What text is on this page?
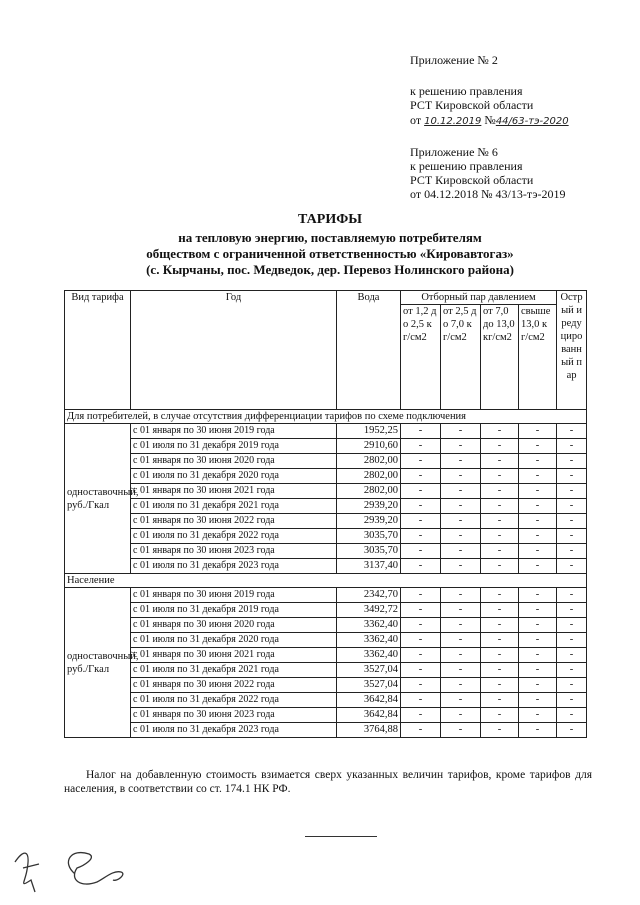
Приложение № 2
к решению правления
РСТ Кировской области
от 10.12.2019 №44/63-тэ-2020
Приложение № 6
к решению правления
РСТ Кировской области
от 04.12.2018 № 43/13-тэ-2019
ТАРИФЫ
на тепловую энергию, поставляемую потребителям
обществом с ограниченной ответственностью «Кировавтогаз»
(с. Кырчаны, пос. Медведок, дер. Перевоз Нолинского района)
Вид тарифа	Год	Вода	Отборный пар давлением				Острый и редуцированный пар
			от 1,2 до 2,5 кг/см2	от 2,5 до 7,0 кг/см2	от 7,0 до 13,0 кг/см2	свыше 13,0 кг/см2	
Для потребителей, в случае отсутствия дифференциации тарифов по схеме подключения							
одноставочный, руб./Гкал	с 01 января по 30 июня 2019 года	1952,25	-	-	-	-	-
	с 01 июля по 31 декабря 2019 года	2910,60	-	-	-	-	-
	с 01 января по 30 июня 2020 года	2802,00	-	-	-	-	-
	с 01 июля по 31 декабря 2020 года	2802,00	-	-	-	-	-
	с 01 января по 30 июня 2021 года	2802,00	-	-	-	-	-
	с 01 июля по 31 декабря 2021 года	2939,20	-	-	-	-	-
	с 01 января по 30 июня 2022 года	2939,20	-	-	-	-	-
	с 01 июля по 31 декабря 2022 года	3035,70	-	-	-	-	-
	с 01 января по 30 июня 2023 года	3035,70	-	-	-	-	-
	с 01 июля по 31 декабря 2023 года	3137,40	-	-	-	-	-
Население							
одноставочный, руб./Гкал	с 01 января по 30 июня 2019 года	2342,70	-	-	-	-	-
	с 01 июля по 31 декабря 2019 года	3492,72	-	-	-	-	-
	с 01 января по 30 июня 2020 года	3362,40	-	-	-	-	-
	с 01 июля по 31 декабря 2020 года	3362,40	-	-	-	-	-
	с 01 января по 30 июня 2021 года	3362,40	-	-	-	-	-
	с 01 июля по 31 декабря 2021 года	3527,04	-	-	-	-	-
	с 01 января по 30 июня 2022 года	3527,04	-	-	-	-	-
	с 01 июля по 31 декабря 2022 года	3642,84	-	-	-	-	-
	с 01 января по 30 июня 2023 года	3642,84	-	-	-	-	-
	с 01 июля по 31 декабря 2023 года	3764,88	-	-	-	-	-
Налог на добавленную стоимость взимается сверх указанных величин тарифов, кроме тарифов для населения, в соответствии со ст. 174.1 НК РФ.
